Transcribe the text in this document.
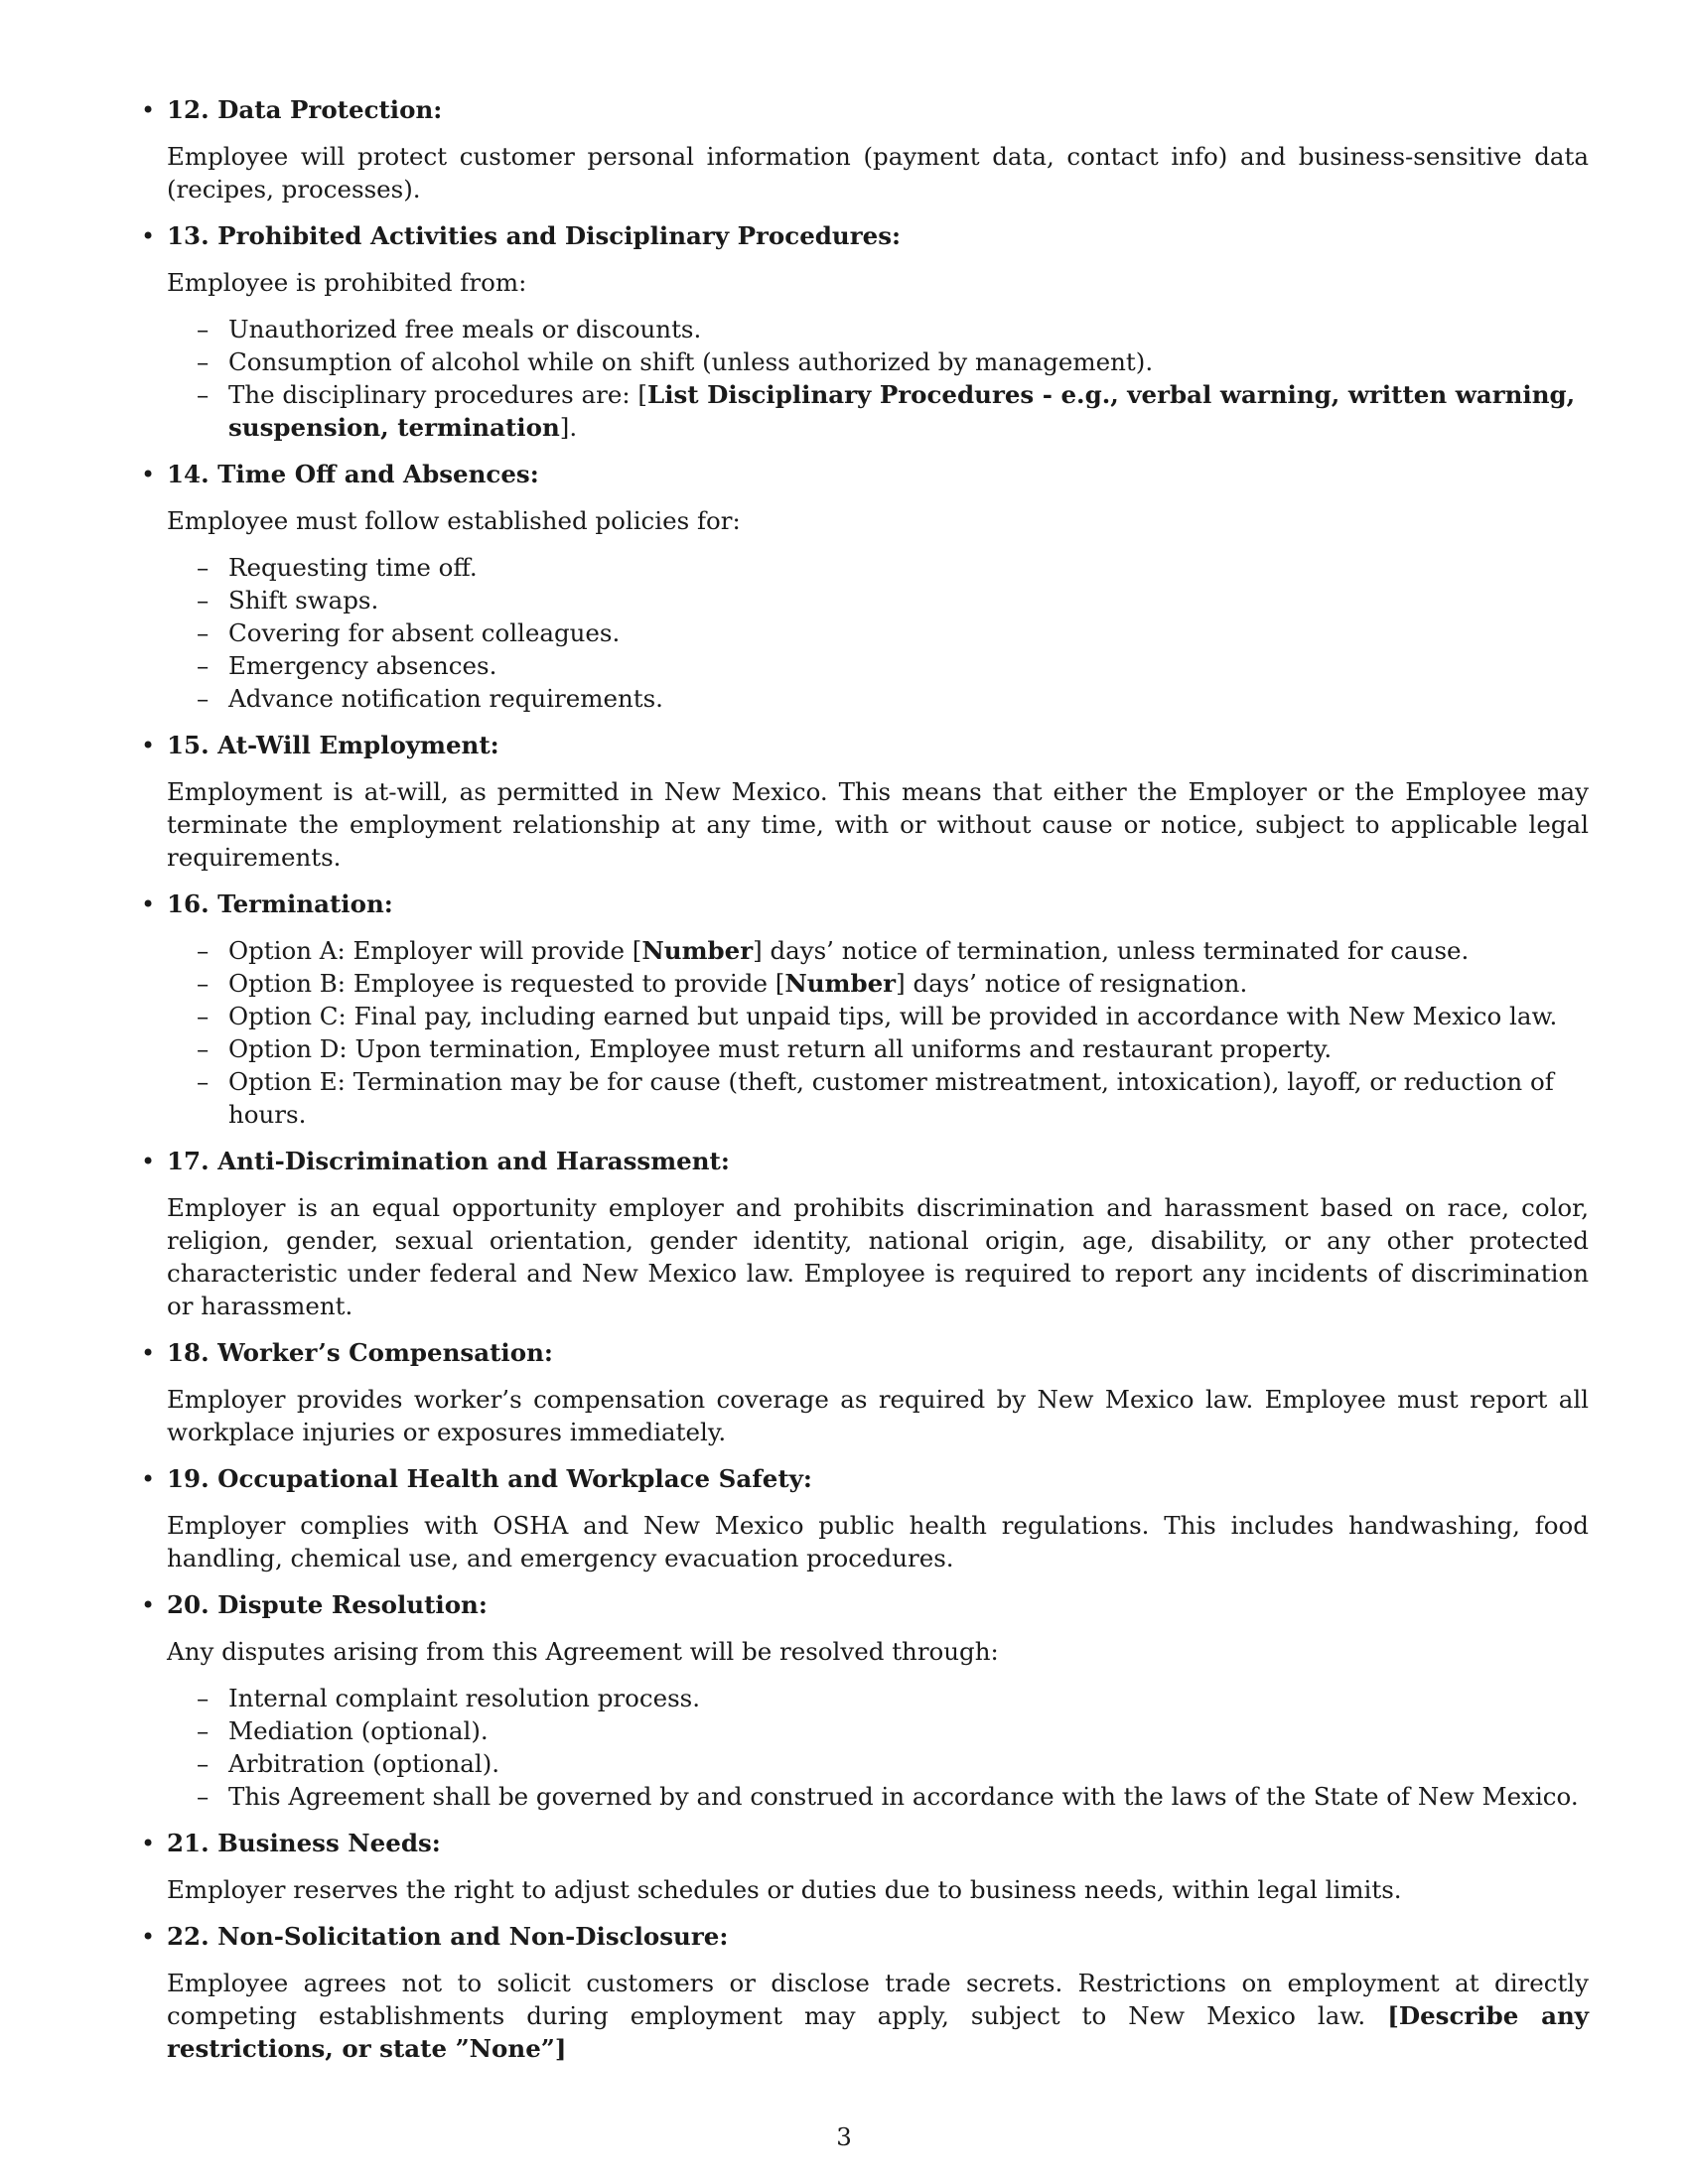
• 12. Data Protection:

Employee will protect customer personal information (payment data, contact info) and business-sensitive data (recipes, processes).

• 13. Prohibited Activities and Disciplinary Procedures:

Employee is prohibited from:

– Unauthorized free meals or discounts.
– Consumption of alcohol while on shift (unless authorized by management).
– The disciplinary procedures are: [List Disciplinary Procedures - e.g., verbal warning, written warning, suspension, termination].
• 14. Time Off and Absences:

Employee must follow established policies for:

– Requesting time off.
– Shift swaps.
– Covering for absent colleagues.
– Emergency absences.
– Advance notification requirements.
• 15. At-Will Employment:

Employment is at-will, as permitted in New Mexico. This means that either the Employer or the Employee may terminate the employment relationship at any time, with or without cause or notice, subject to applicable legal requirements.

• 16. Termination:

– Option A: Employer will provide [Number] days’ notice of termination, unless terminated for cause.
– Option B: Employee is requested to provide [Number] days’ notice of resignation.
– Option C: Final pay, including earned but unpaid tips, will be provided in accordance with New Mexico law.
– Option D: Upon termination, Employee must return all uniforms and restaurant property.
– Option E: Termination may be for cause (theft, customer mistreatment, intoxication), layoff, or reduction of hours.
• 17. Anti-Discrimination and Harassment:

Employer is an equal opportunity employer and prohibits discrimination and harassment based on race, color, religion, gender, sexual orientation, gender identity, national origin, age, disability, or any other protected characteristic under federal and New Mexico law. Employee is required to report any incidents of discrimination or harassment.

• 18. Worker’s Compensation:

Employer provides worker’s compensation coverage as required by New Mexico law. Employee must report all workplace injuries or exposures immediately.

• 19. Occupational Health and Workplace Safety:

Employer complies with OSHA and New Mexico public health regulations. This includes handwashing, food handling, chemical use, and emergency evacuation procedures.

• 20. Dispute Resolution:

Any disputes arising from this Agreement will be resolved through:

– Internal complaint resolution process.
– Mediation (optional).
– Arbitration (optional).
– This Agreement shall be governed by and construed in accordance with the laws of the State of New Mexico.
• 21. Business Needs:

Employer reserves the right to adjust schedules or duties due to business needs, within legal limits.

• 22. Non-Solicitation and Non-Disclosure:

Employee agrees not to solicit customers or disclose trade secrets. Restrictions on employment at directly competing establishments during employment may apply, subject to New Mexico law. [Describe any restrictions, or state ”None”]

3
